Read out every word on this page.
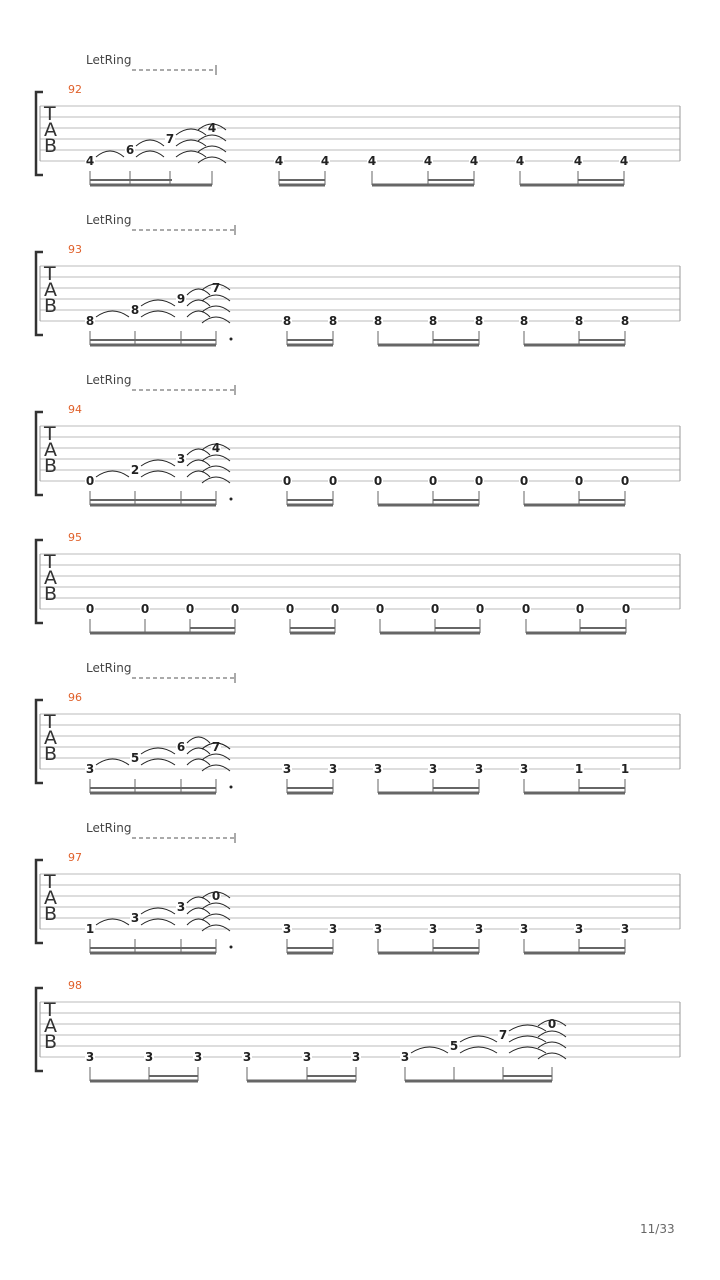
LetRing
92
T
A
B
4
6
7
4
4	4	4	4	4	4	4	4
LetRing
93
T
A
B
8
8
9
7
8	8	8	8	8	8	8	8
LetRing
94
T
A
B
0
2
3
4
0	0	0	0	0	0	0	0
95
T
A
B
0	0	0	0	0	0	0	0	0	0	0	0
LetRing
96
T
A
B
3
5
6 7
3	3	3	3	3	3	1	1
LetRing
97
T
A
B
1
3
3
0
3	3	3	3	3	3	3	3
98
T
A
B
3	3	3	3	3	3	3
5
7
0
11/33
